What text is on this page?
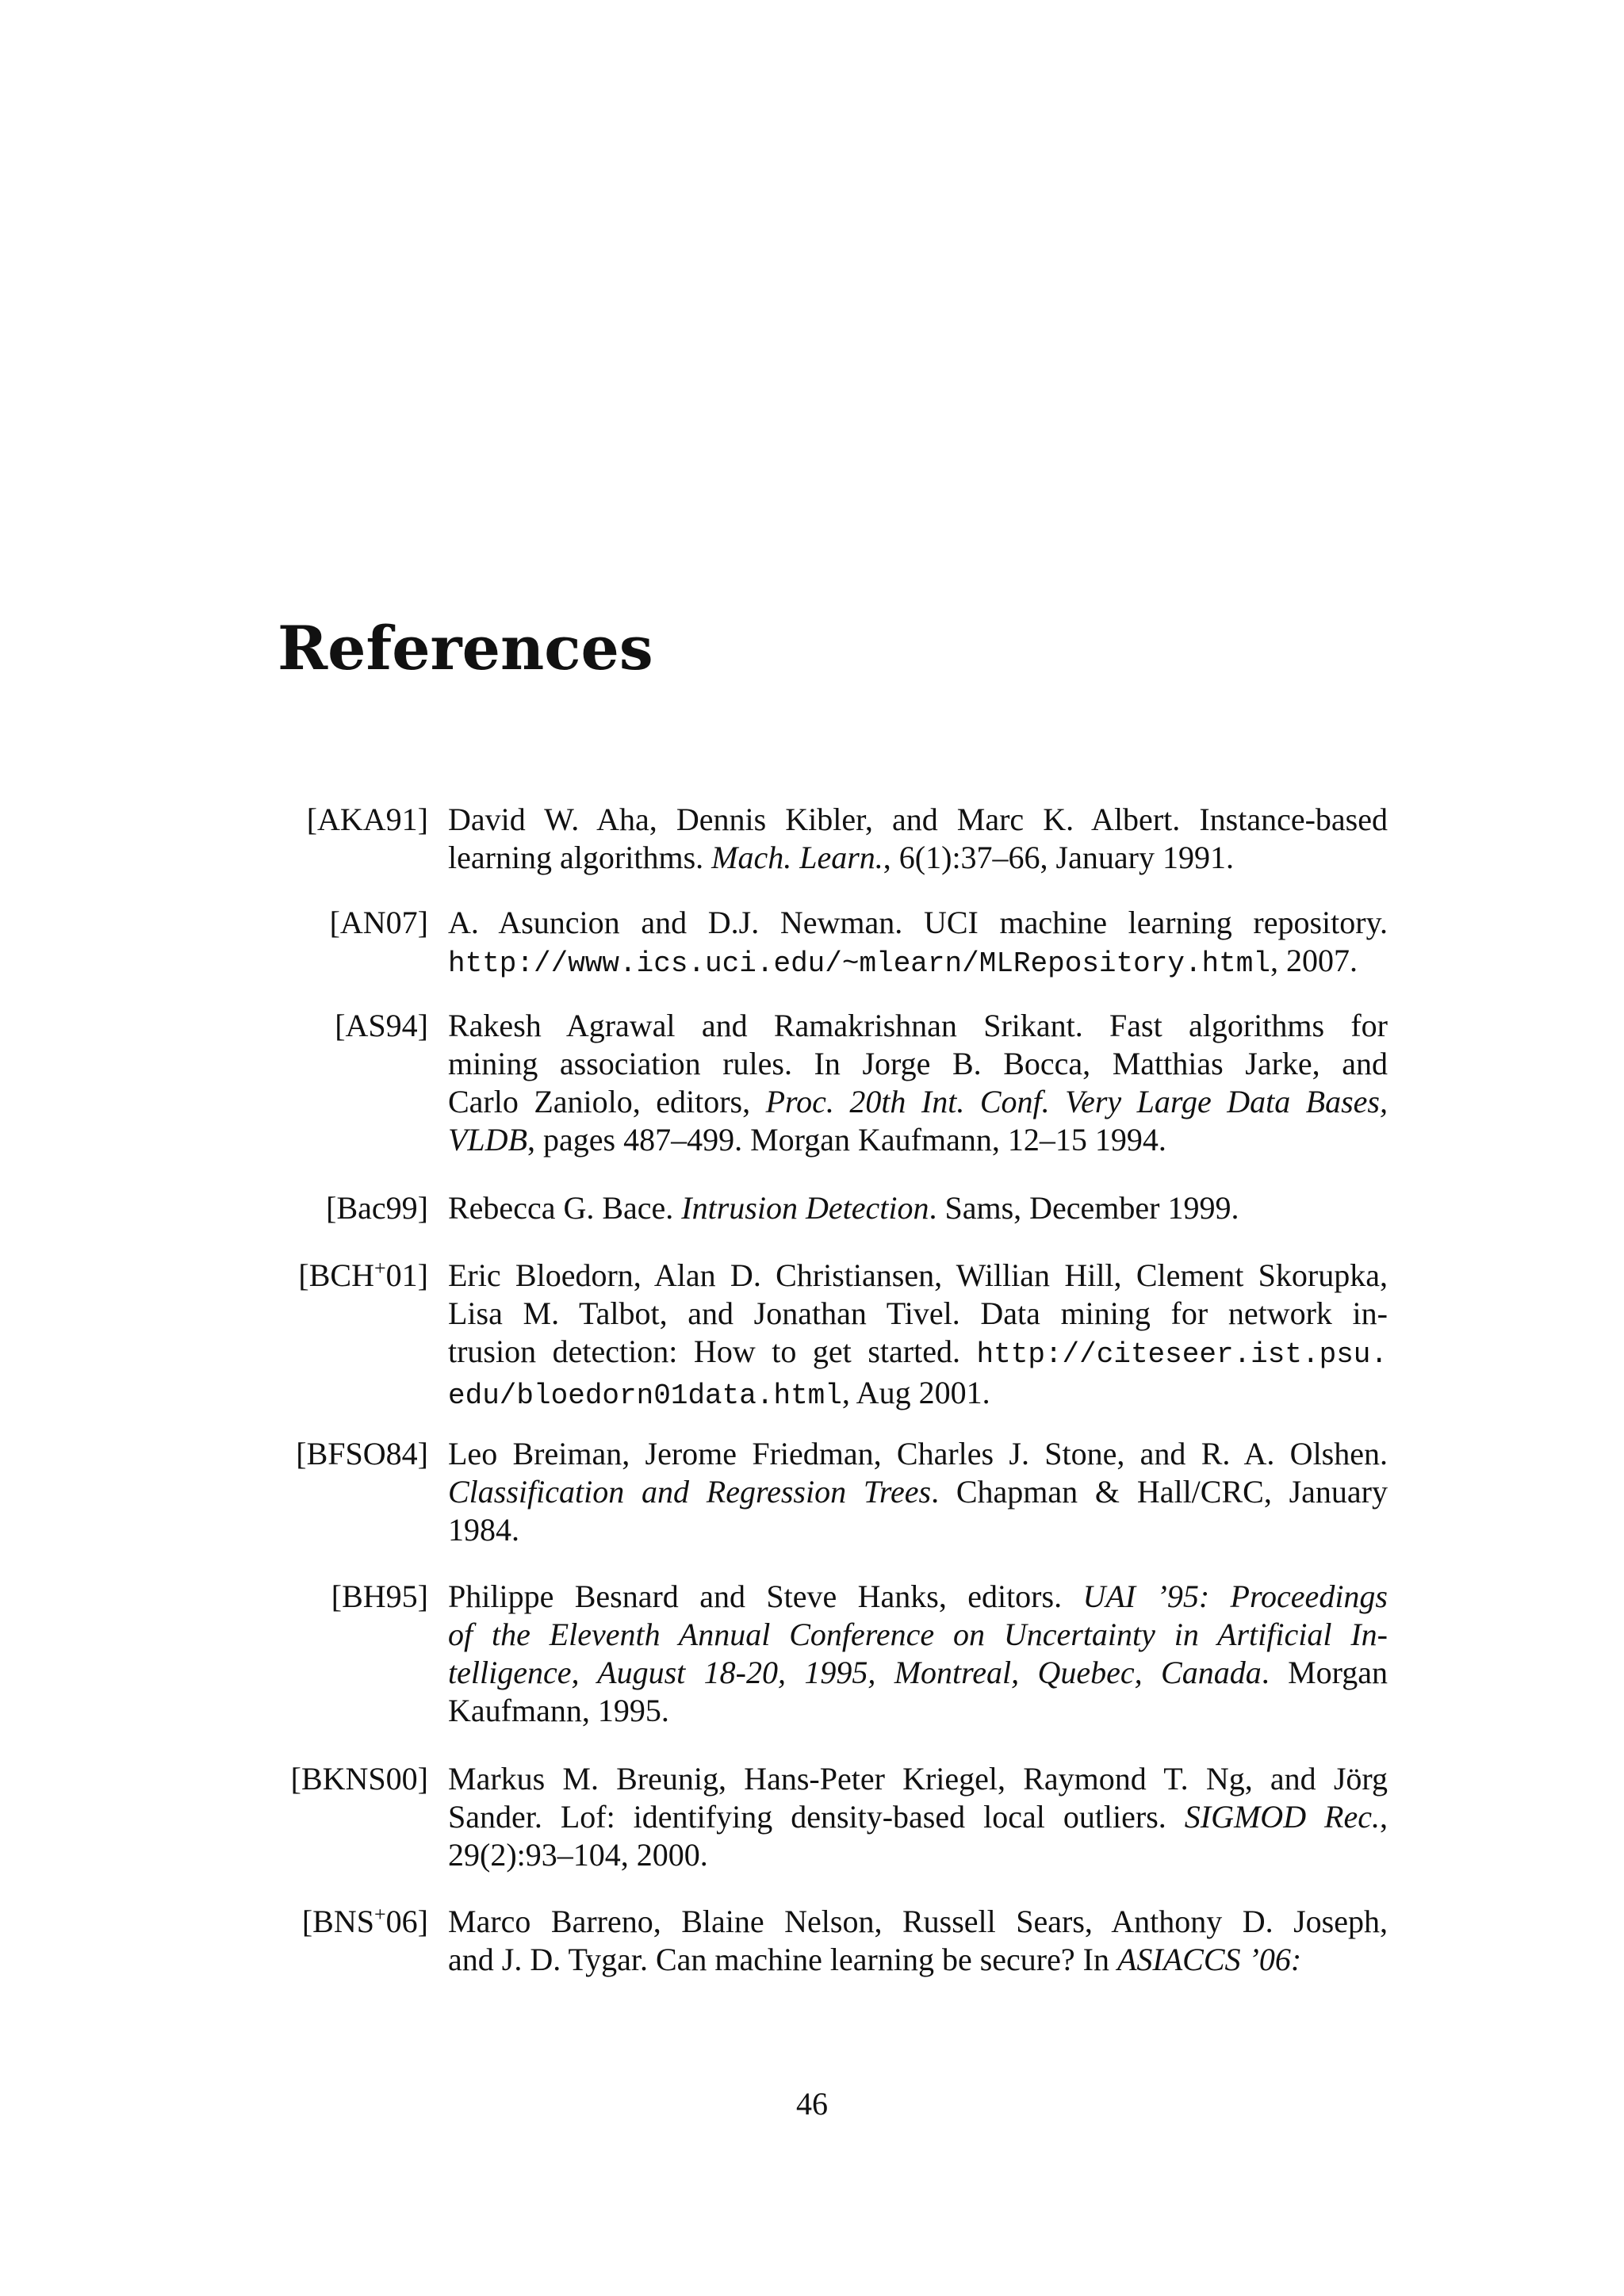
References
[AKA91] David W. Aha, Dennis Kibler, and Marc K. Albert. Instance-based
learning algorithms. Mach. Learn., 6(1):37–66, January 1991.
[AN07] A. Asuncion and D.J. Newman. UCI machine learning repository.
http://www.ics.uci.edu/~mlearn/MLRepository.html, 2007.
[AS94] Rakesh Agrawal and Ramakrishnan Srikant. Fast algorithms for
mining association rules. In Jorge B. Bocca, Matthias Jarke, and
Carlo Zaniolo, editors, Proc. 20th Int. Conf. Very Large Data Bases,
VLDB, pages 487–499. Morgan Kaufmann, 12–15 1994.
[Bac99] Rebecca G. Bace. Intrusion Detection. Sams, December 1999.
[BCH+01] Eric Bloedorn, Alan D. Christiansen, Willian Hill, Clement Skorupka,
Lisa M. Talbot, and Jonathan Tivel. Data mining for network in-
trusion detection: How to get started. http://citeseer.ist.psu.
edu/bloedorn01data.html, Aug 2001.
[BFSO84] Leo Breiman, Jerome Friedman, Charles J. Stone, and R. A. Olshen.
Classification and Regression Trees. Chapman & Hall/CRC, January
1984.
[BH95] Philippe Besnard and Steve Hanks, editors. UAI ’95: Proceedings
of the Eleventh Annual Conference on Uncertainty in Artificial In-
telligence, August 18-20, 1995, Montreal, Quebec, Canada. Morgan
Kaufmann, 1995.
[BKNS00] Markus M. Breunig, Hans-Peter Kriegel, Raymond T. Ng, and Jörg
Sander. Lof: identifying density-based local outliers. SIGMOD Rec.,
29(2):93–104, 2000.
[BNS+06] Marco Barreno, Blaine Nelson, Russell Sears, Anthony D. Joseph,
and J. D. Tygar. Can machine learning be secure? In ASIACCS ’06:
46
